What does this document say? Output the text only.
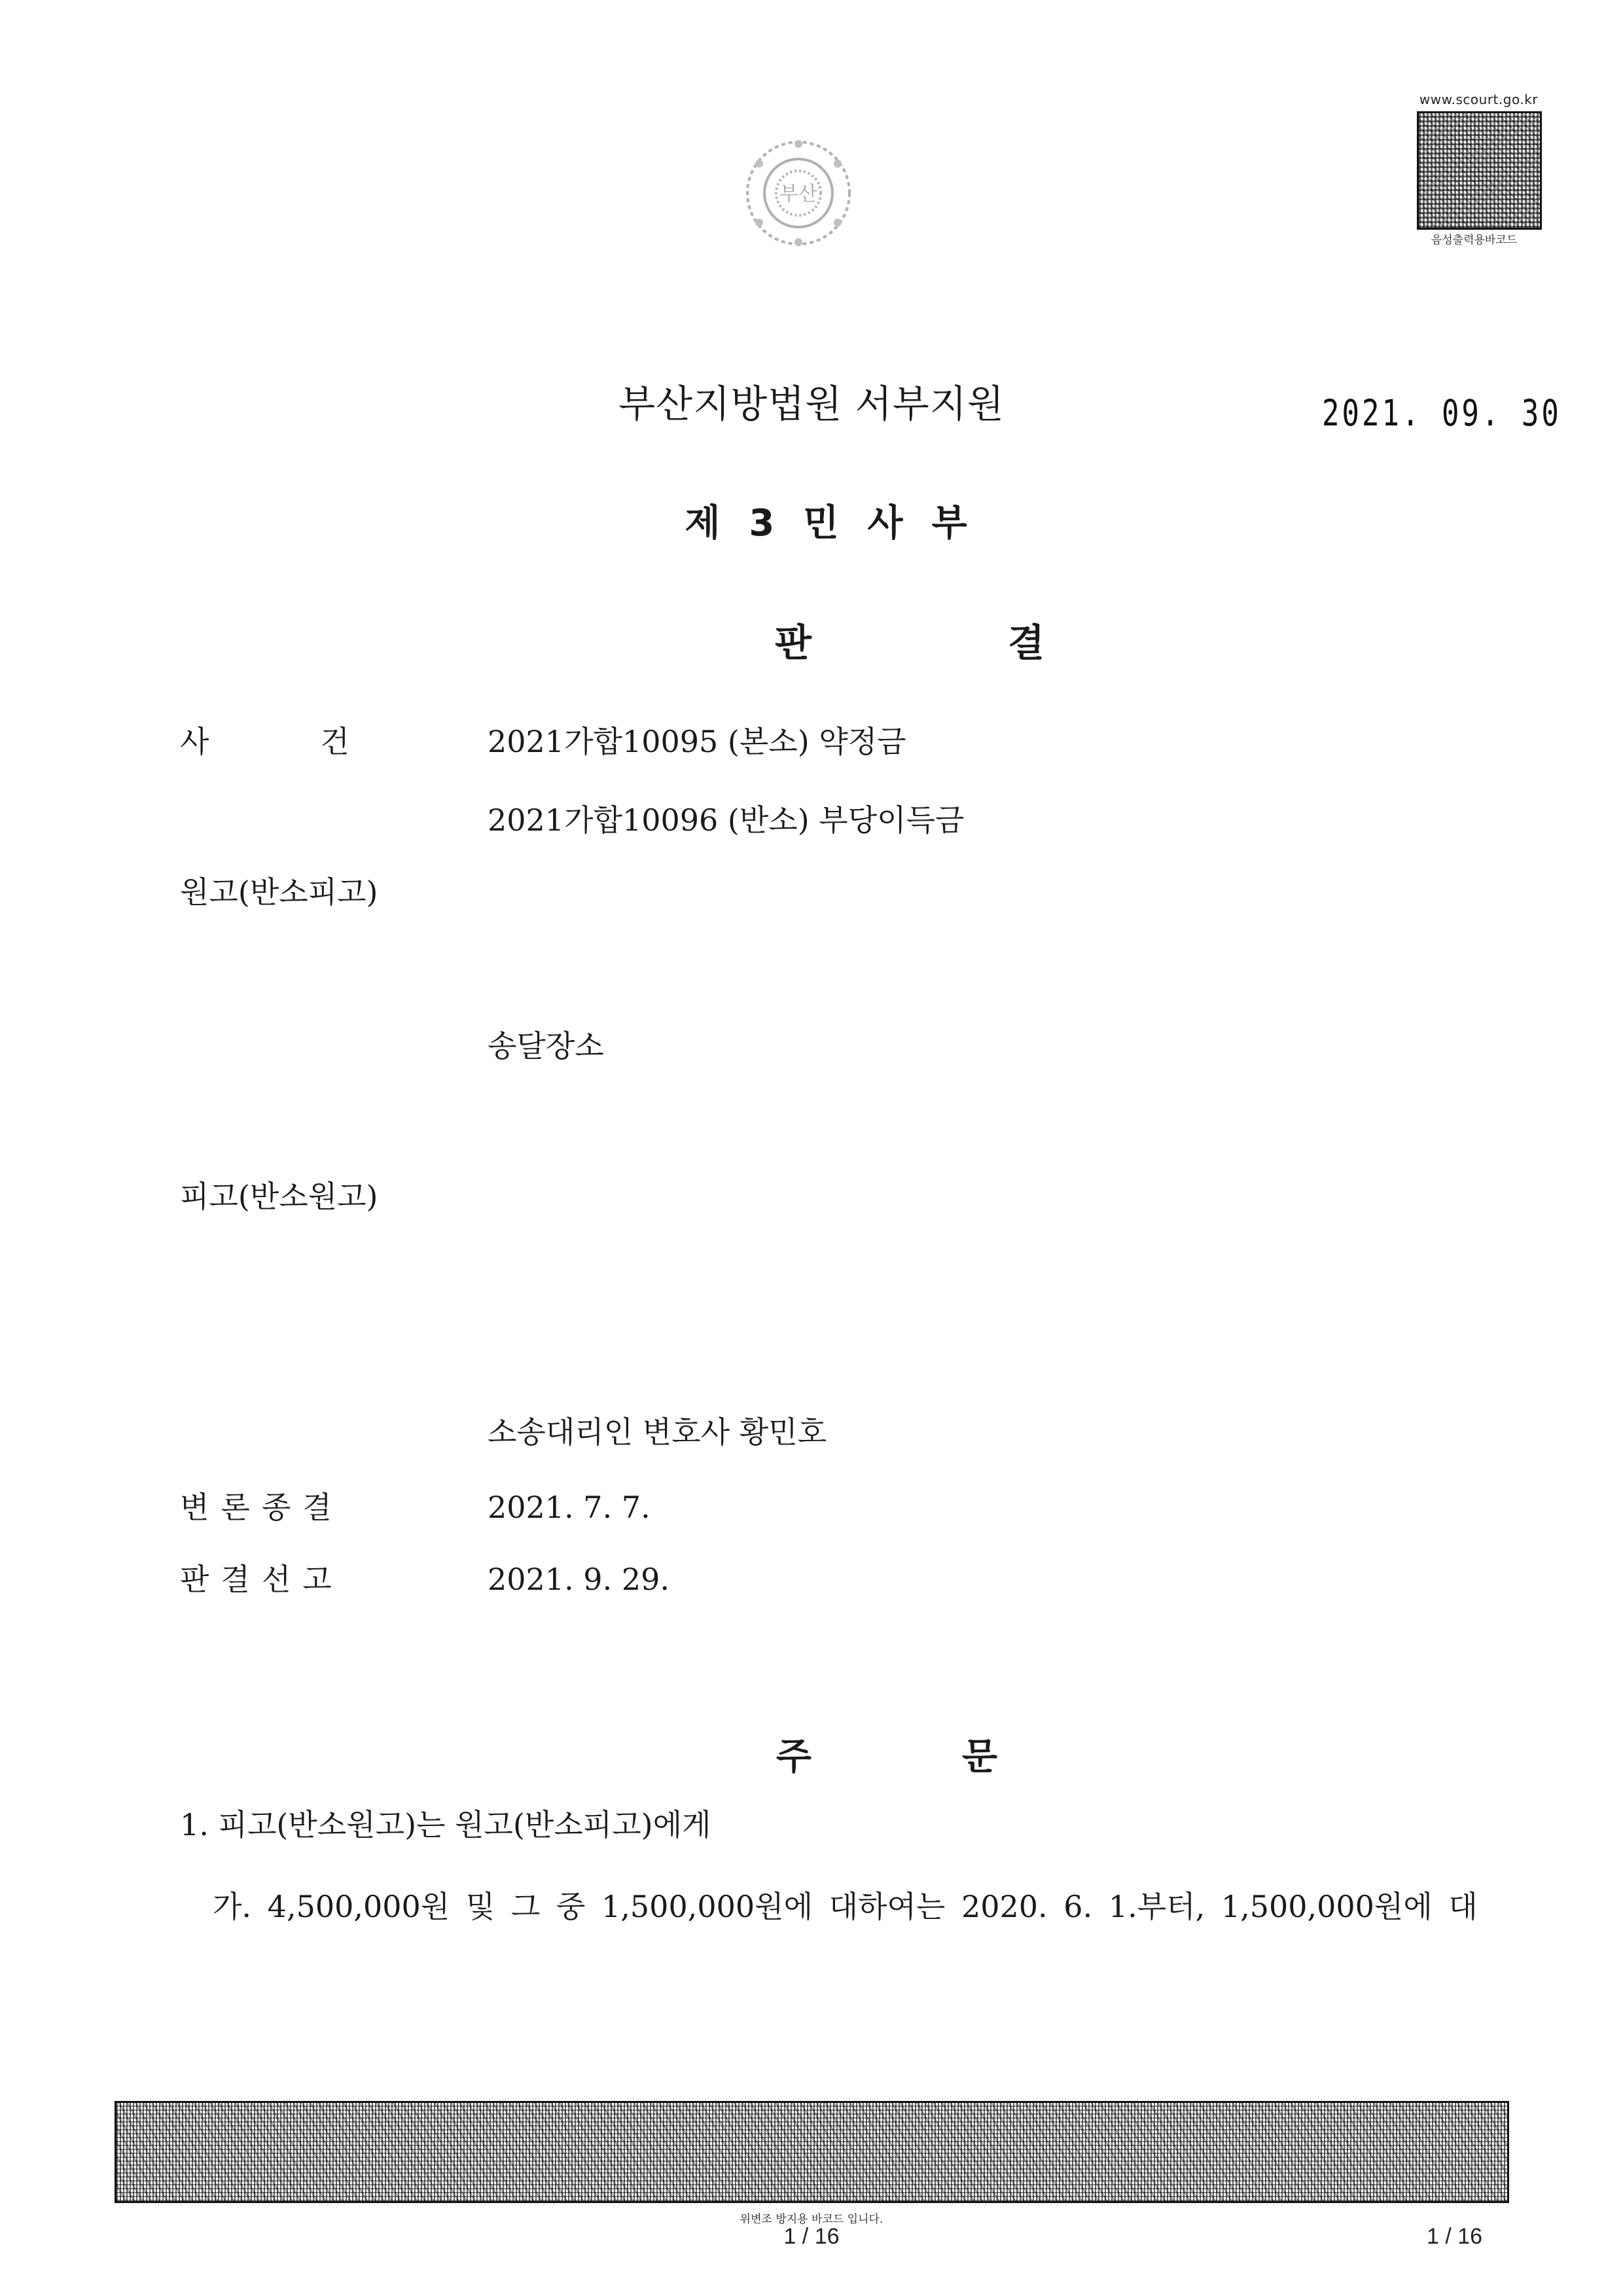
부산
www.scourt.go.kr
음성출력용바코드
부산지방법원 서부지원	2021. 09. 30
제3민사부
판결
사건 2021가합10095 (본소) 약정금
2021가합10096 (반소) 부당이득금
원고(반소피고)
송달장소
피고(반소원고)
소송대리인 변호사 황민호
변론종결	2021. 7. 7.
판결선고	2021. 9. 29.
주문
1. 피고(반소원고)는 원고(반소피고)에게
가. 4,500,000원 및 그 중 1,500,000원에 대하여는 2020. 6. 1.부터, 1,500,000원에 대
위변조 방지용 바코드 입니다.
1 / 16	1 / 16
